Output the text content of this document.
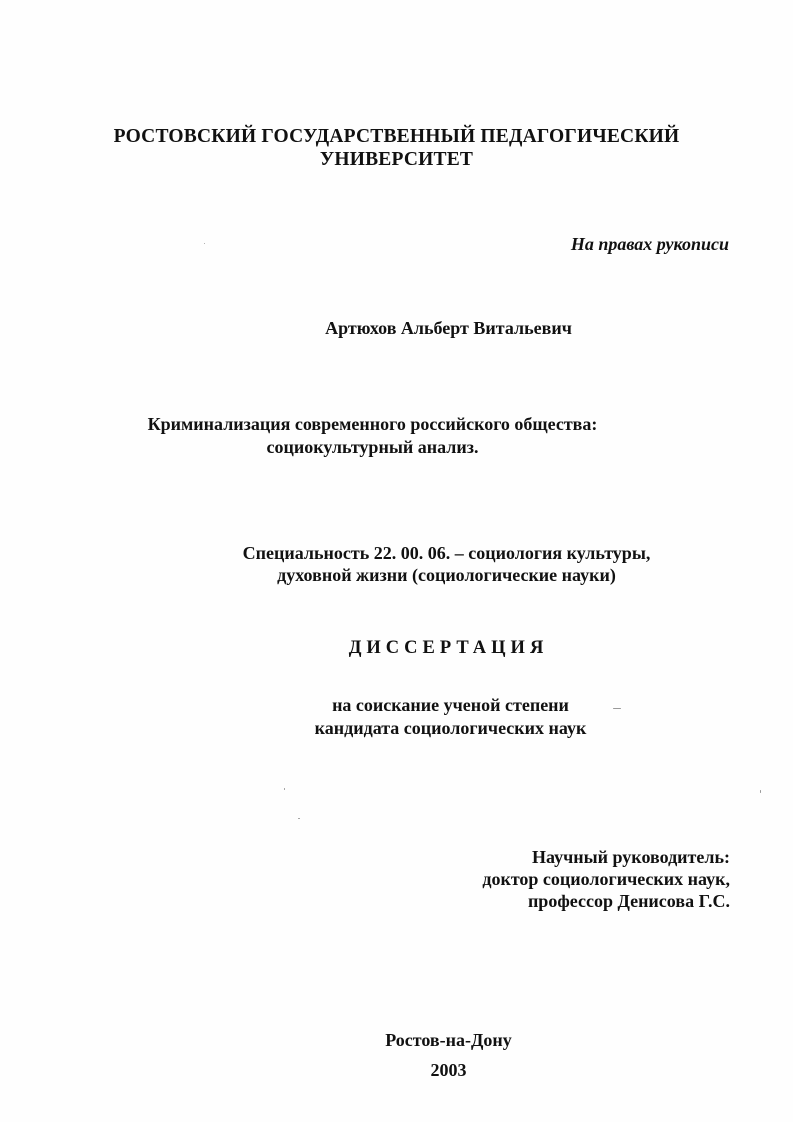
РОСТОВСКИЙ ГОСУДАРСТВЕННЫЙ ПЕДАГОГИЧЕСКИЙ
УНИВЕРСИТЕТ
На правах рукописи
Артюхов Альберт Витальевич
Криминализация современного российского общества:
социокультурный анализ.
Специальность 22. 00. 06. – социология культуры,
духовной жизни (социологические науки)
ДИССЕРТАЦИЯ
на соискание ученой степени
кандидата социологических наук
Научный руководитель:
доктор социологических наук,
профессор Денисова Г.С.
Ростов-на-Дону
2003
